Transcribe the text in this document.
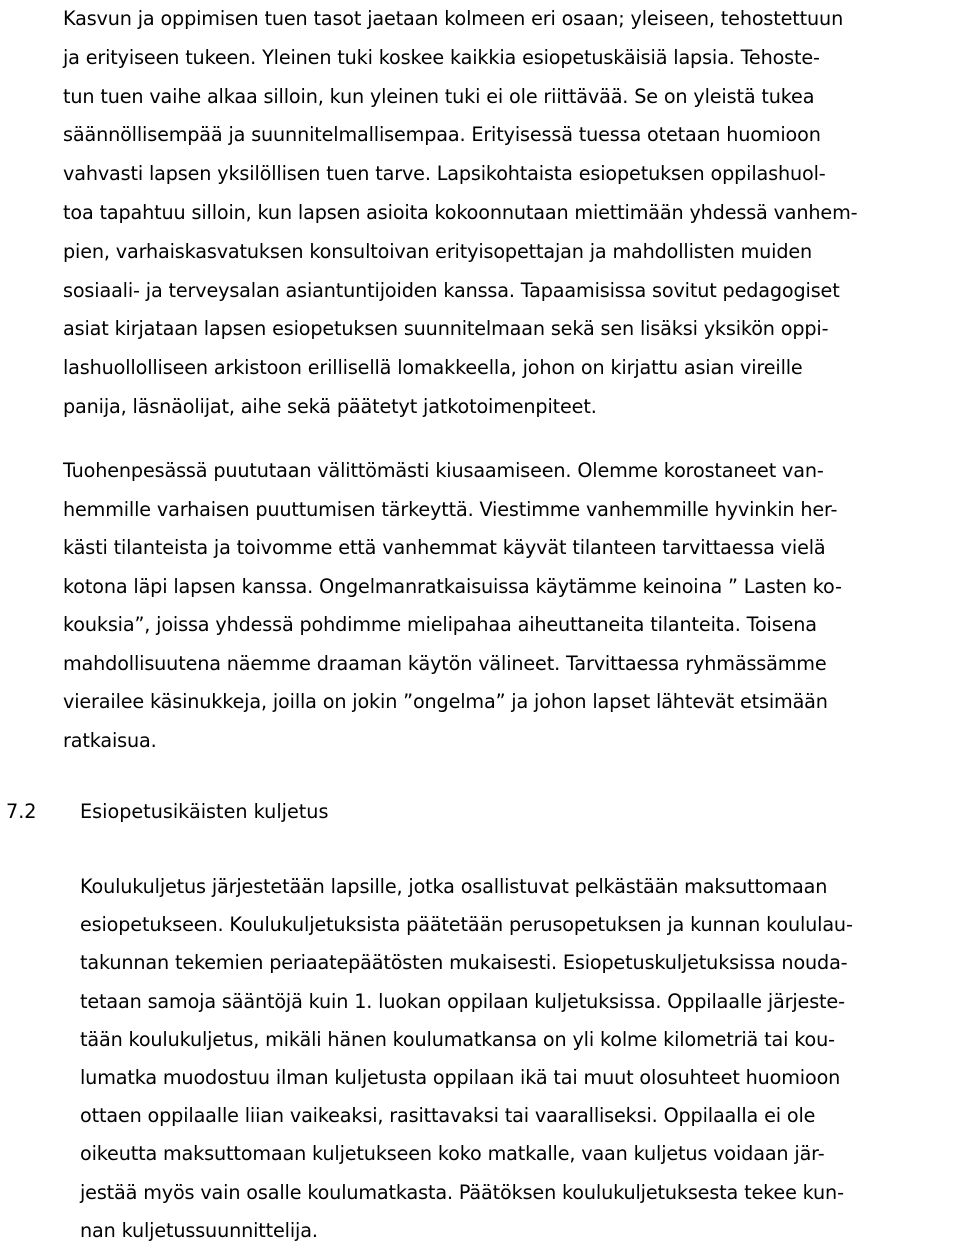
Kasvun ja oppimisen tuen tasot jaetaan kolmeen eri osaan; yleiseen, tehostettuun
ja erityiseen tukeen. Yleinen tuki koskee kaikkia esiopetuskäisiä lapsia. Tehoste-
tun tuen vaihe alkaa silloin, kun yleinen tuki ei ole riittävää. Se on yleistä tukea
säännöllisempää ja suunnitelmallisempaa. Erityisessä tuessa otetaan huomioon
vahvasti lapsen yksilöllisen tuen tarve. Lapsikohtaista esiopetuksen oppilashuol-
toa tapahtuu silloin, kun lapsen asioita kokoonnutaan miettimään yhdessä vanhem-
pien, varhaiskasvatuksen konsultoivan erityisopettajan ja mahdollisten muiden
sosiaali- ja terveysalan asiantuntijoiden kanssa. Tapaamisissa sovitut pedagogiset
asiat kirjataan lapsen esiopetuksen suunnitelmaan sekä sen lisäksi yksikön oppi-
lashuollolliseen arkistoon erillisellä lomakkeella, johon on kirjattu asian vireille
panija, läsnäolijat, aihe sekä päätetyt jatkotoimenpiteet.
Tuohenpesässä puututaan välittömästi kiusaamiseen. Olemme korostaneet van-
hemmille varhaisen puuttumisen tärkeyttä. Viestimme vanhemmille hyvinkin her-
kästi tilanteista ja toivomme että vanhemmat käyvät tilanteen tarvittaessa vielä
kotona läpi lapsen kanssa. Ongelmanratkaisuissa käytämme keinoina ” Lasten ko-
kouksia”, joissa yhdessä pohdimme mielipahaa aiheuttaneita tilanteita. Toisena
mahdollisuutena näemme draaman käytön välineet. Tarvittaessa ryhmässämme
vierailee käsinukkeja, joilla on jokin ”ongelma” ja johon lapset lähtevät etsimään
ratkaisua.
7.2 Esiopetusikäisten kuljetus
Koulukuljetus järjestetään lapsille, jotka osallistuvat pelkästään maksuttomaan
esiopetukseen. Koulukuljetuksista päätetään perusopetuksen ja kunnan koululau-
takunnan tekemien periaatepäätösten mukaisesti. Esiopetuskuljetuksissa nouda-
tetaan samoja sääntöjä kuin 1. luokan oppilaan kuljetuksissa. Oppilaalle järjeste-
tään koulukuljetus, mikäli hänen koulumatkansa on yli kolme kilometriä tai kou-
lumatka muodostuu ilman kuljetusta oppilaan ikä tai muut olosuhteet huomioon
ottaen oppilaalle liian vaikeaksi, rasittavaksi tai vaaralliseksi. Oppilaalla ei ole
oikeutta maksuttomaan kuljetukseen koko matkalle, vaan kuljetus voidaan jär-
jestää myös vain osalle koulumatkasta. Päätöksen koulukuljetuksesta tekee kun-
nan kuljetussuunnittelija.
